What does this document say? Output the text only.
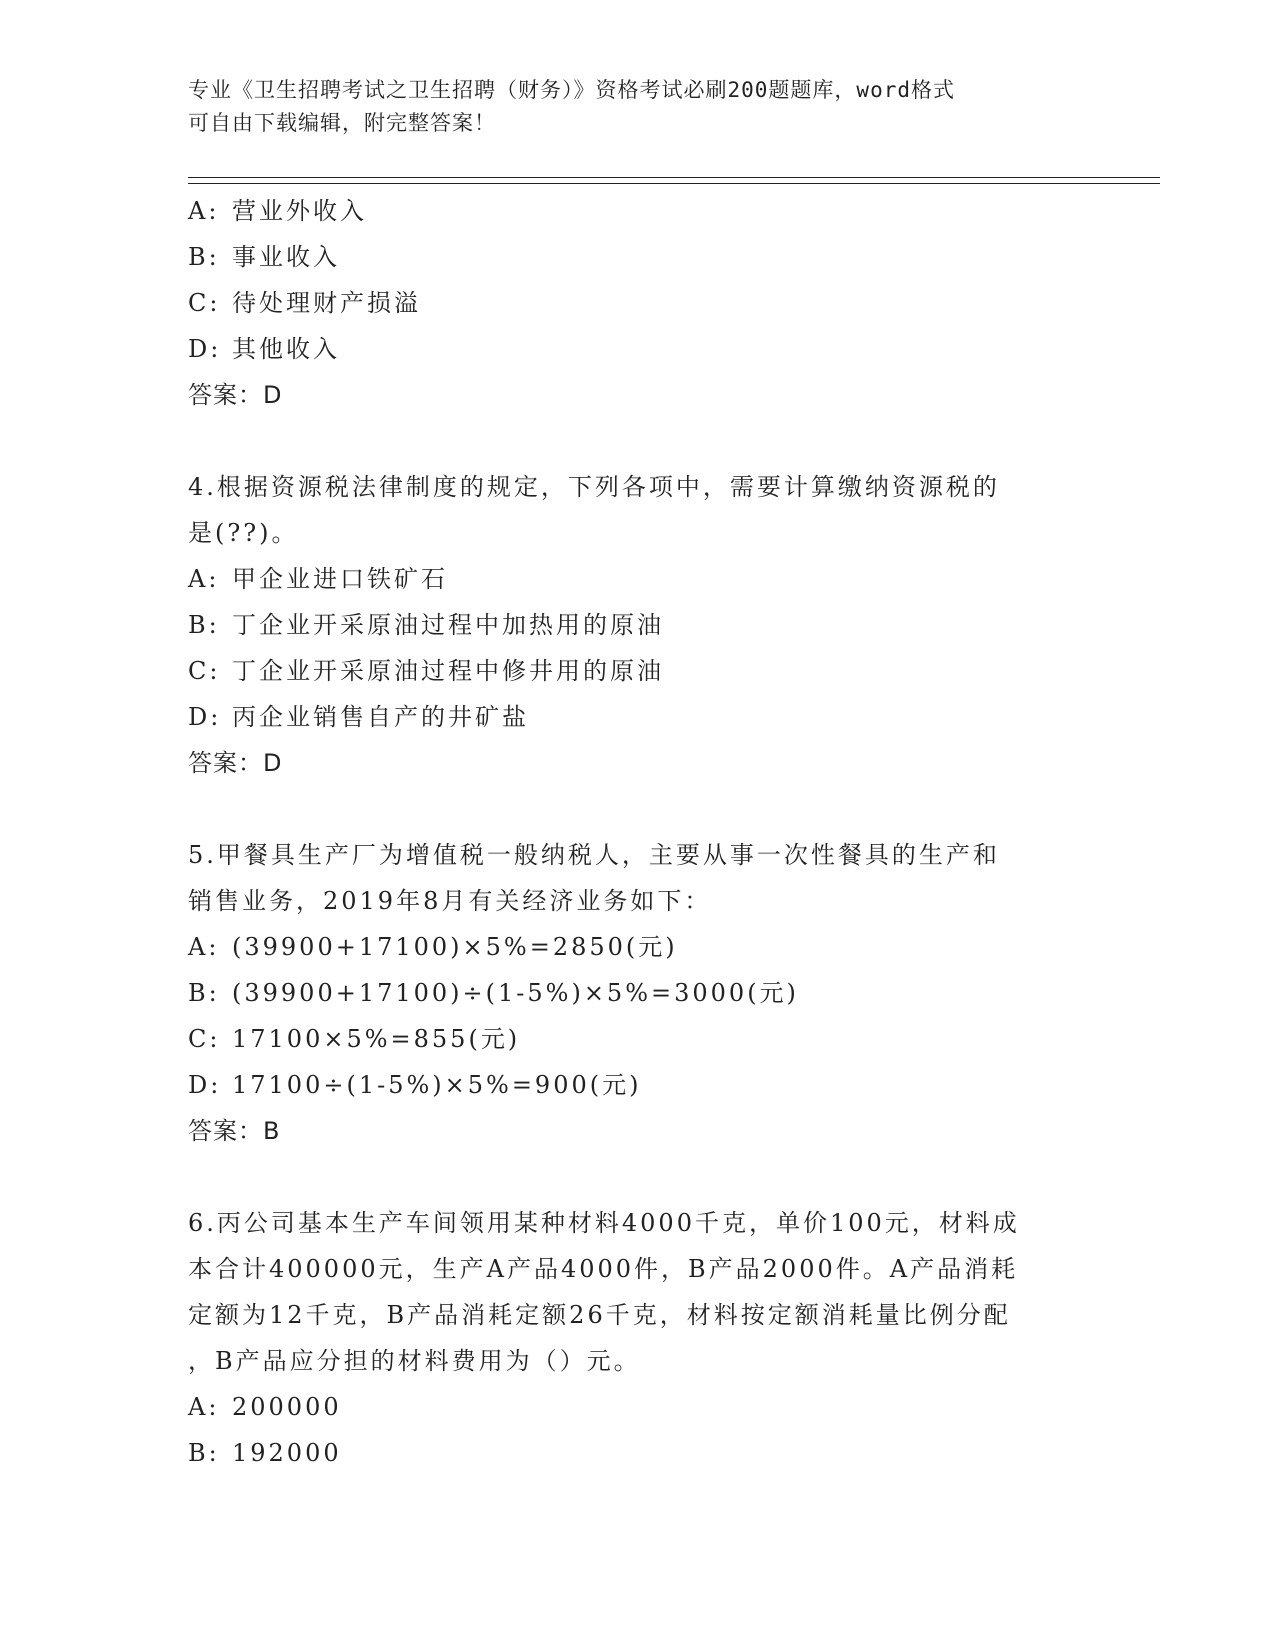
专业《卫生招聘考试之卫生招聘（财务）》资格考试必刷200题题库，word格式
可自由下载编辑，附完整答案！
A: 营业外收入
B: 事业收入
C: 待处理财产损溢
D: 其他收入
答案：D
4.根据资源税法律制度的规定，下列各项中，需要计算缴纳资源税的
是(??)。
A: 甲企业进口铁矿石
B: 丁企业开采原油过程中加热用的原油
C: 丁企业开采原油过程中修井用的原油
D: 丙企业销售自产的井矿盐
答案：D
5.甲餐具生产厂为增值税一般纳税人，主要从事一次性餐具的生产和
销售业务，2019年8月有关经济业务如下：
A: (39900+17100)×5%=2850(元)
B: (39900+17100)÷(1-5%)×5%=3000(元)
C: 17100×5%=855(元)
D: 17100÷(1-5%)×5%=900(元)
答案：B
6.丙公司基本生产车间领用某种材料4000千克，单价100元，材料成
本合计400000元，生产A产品4000件，B产品2000件。A产品消耗
定额为12千克，B产品消耗定额26千克，材料按定额消耗量比例分配
，B产品应分担的材料费用为（）元。
A: 200000
B: 192000
